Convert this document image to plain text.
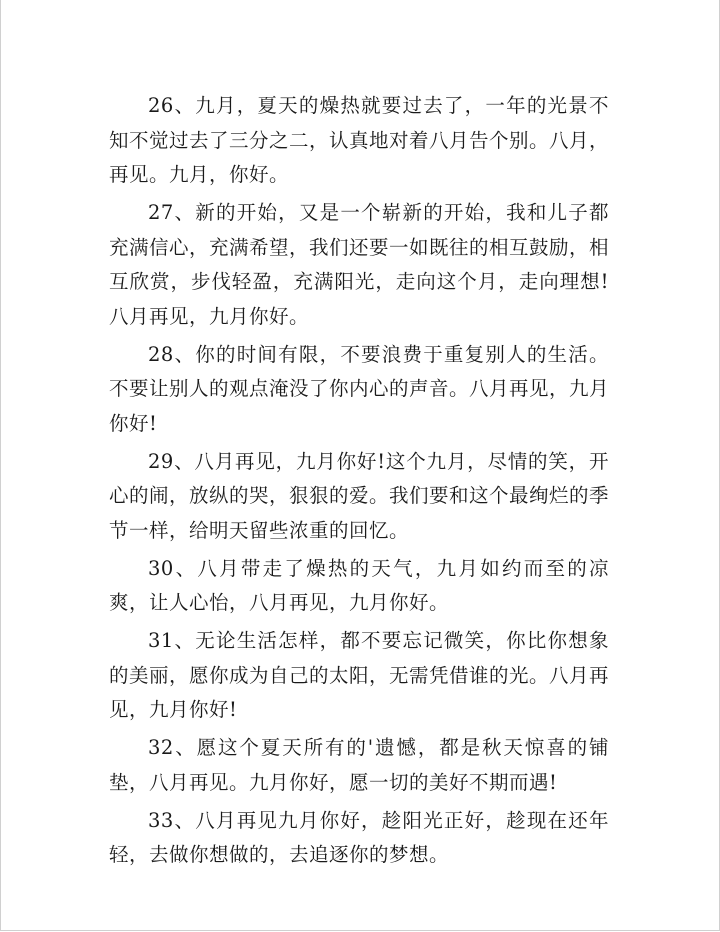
26、九月，夏天的燥热就要过去了，一年的光景不知不觉过去了三分之二，认真地对着八月告个别。八月，再见。九月，你好。

27、新的开始，又是一个崭新的开始，我和儿子都充满信心，充满希望，我们还要一如既往的相互鼓励，相互欣赏，步伐轻盈，充满阳光，走向这个月，走向理想!八月再见，九月你好。

28、你的时间有限，不要浪费于重复别人的生活。不要让别人的观点淹没了你内心的声音。八月再见，九月你好!

29、八月再见，九月你好!这个九月，尽情的笑，开心的闹，放纵的哭，狠狠的爱。我们要和这个最绚烂的季节一样，给明天留些浓重的回忆。

30、八月带走了燥热的天气，九月如约而至的凉爽，让人心怡，八月再见，九月你好。

31、无论生活怎样，都不要忘记微笑，你比你想象的美丽，愿你成为自己的太阳，无需凭借谁的光。八月再见，九月你好!

32、愿这个夏天所有的'遗憾，都是秋天惊喜的铺垫，八月再见。九月你好，愿一切的美好不期而遇!

33、八月再见九月你好，趁阳光正好，趁现在还年轻，去做你想做的，去追逐你的梦想。
